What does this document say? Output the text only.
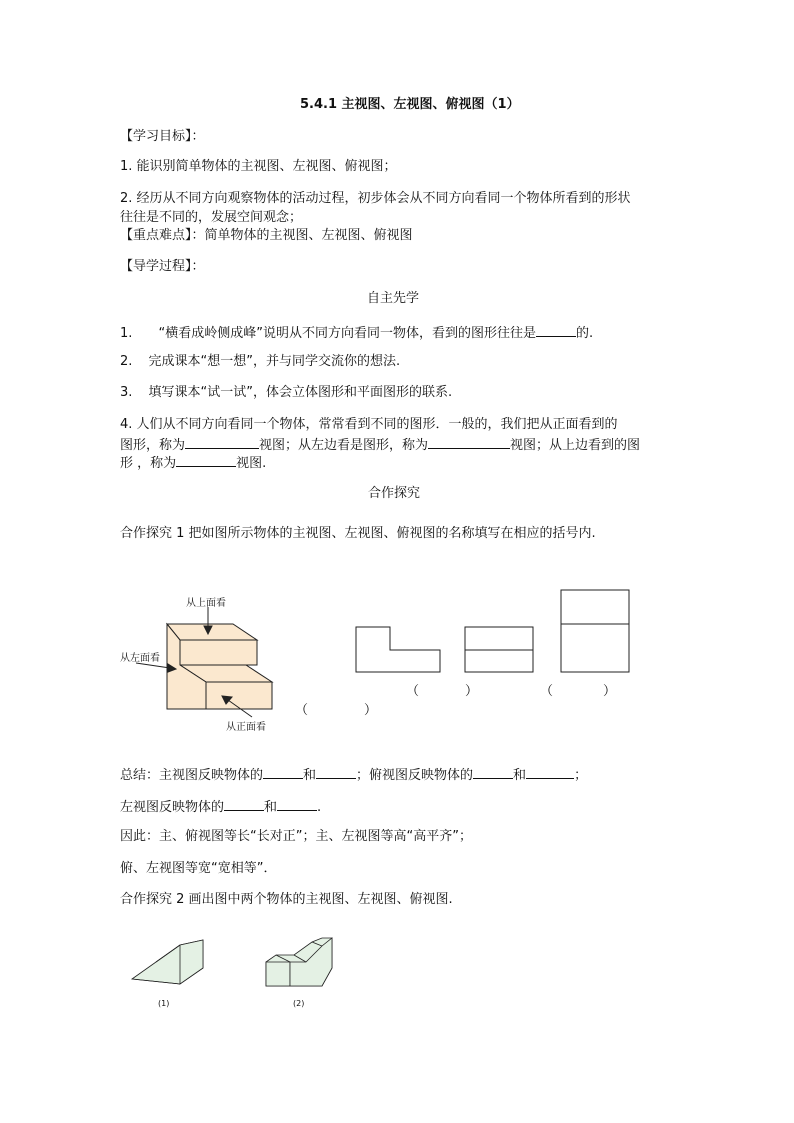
5.4.1 主视图、左视图、俯视图（1）
【学习目标】：
1. 能识别简单物体的主视图、左视图、俯视图；
2. 经历从不同方向观察物体的活动过程，初步体会从不同方向看同一个物体所看到的形状
往往是不同的，发展空间观念；
【重点难点】：简单物体的主视图、左视图、俯视图
【导学过程】：
自主先学
1. “横看成岭侧成峰”说明从不同方向看同一物体，看到的图形往往是	的.
2. 完成课本“想一想”，并与同学交流你的想法.
3. 填写课本“试一试”，体会立体图形和平面图形的联系.
4. 人们从不同方向看同一个物体，常常看到不同的图形．一般的，我们把从正面看到的
图形，称为	视图；从左边看是图形，称为	视图；从上边看到的图
形 ，称为	视图.
合作探究
合作探究 1 把如图所示物体的主视图、左视图、俯视图的名称填写在相应的括号内.
从上面看
从左面看
从正面看
（	）
（	）	（	）
总结：主视图反映物体的	和	；俯视图反映物体的	和	；
左视图反映物体的	和	.
因此：主、俯视图等长“长对正”；主、左视图等高“高平齐”；
俯、左视图等宽“宽相等”．
合作探究 2 画出图中两个物体的主视图、左视图、俯视图.
(1)	(2)
